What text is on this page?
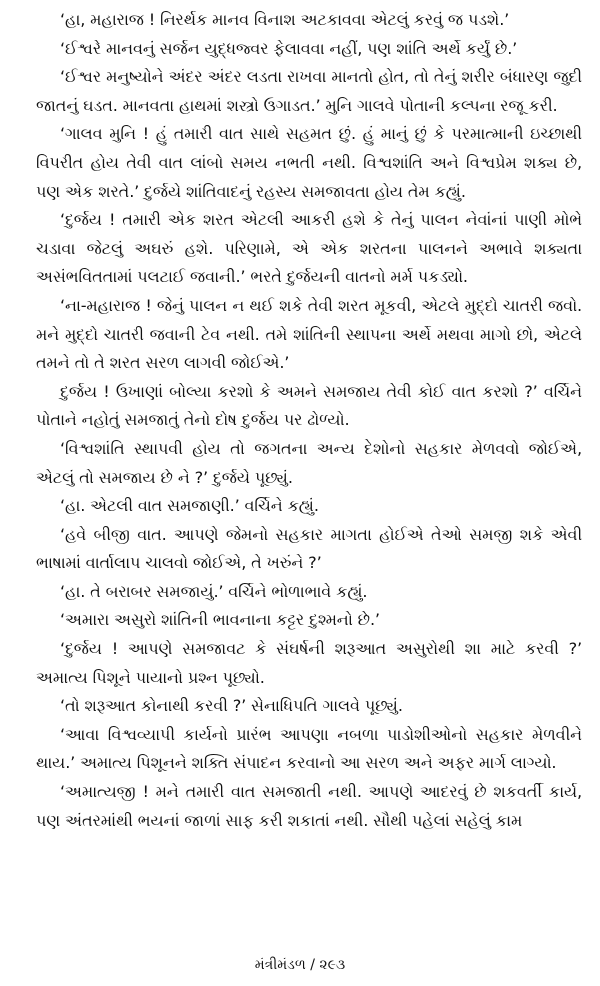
‘હા, મહારાજ ! નિરર્થક માનવ વિનાશ અટકાવવા એટલું કરવું જ પડશે.’

‘ઈશ્વરે માનવનું સર્જન યુદ્ધજ્વર ફેલાવવા નહીં, પણ શાંતિ અર્થે કર્યું છે.’

‘ઈશ્વર મનુષ્યોને અંદર અંદર લડતા રાખવા માનતો હોત, તો તેનું શરીર બંધારણ જુદી જાતનું ઘડત. માનવતા હાથમાં શસ્ત્રો ઉગાડત.’ મુનિ ગાલવે પોતાની કલ્પના રજૂ કરી.

‘ગાલવ મુનિ ! હું તમારી વાત સાથે સહમત છું. હું માનું છું કે પરમાત્માની ઇચ્છાથી વિપરીત હોય તેવી વાત લાંબો સમય નભતી નથી. વિશ્વશાંતિ અને વિશ્વપ્રેમ શક્ય છે, પણ એક શરતે.’ દુર્જયે શાંતિવાદનું રહસ્ય સમજાવતા હોય તેમ કહ્યું.

‘દુર્જય ! તમારી એક શરત એટલી આકરી હશે કે તેનું પાલન નેવાંનાં પાણી મોભે ચડાવા જેટલું અઘરું હશે. પરિણામે, એ એક શરતના પાલનને અભાવે શક્યતા અસંભવિતતામાં પલટાઈ જવાની.’ ભરતે દુર્જયની વાતનો મર્મ પકડ્યો.

‘ના-મહારાજ ! જેનું પાલન ન થઈ શકે તેવી શરત મૂકવી, એટલે મુદ્દો ચાતરી જવો. મને મુદ્દો ચાતરી જવાની ટેવ નથી. તમે શાંતિની સ્થાપના અર્થે મથવા માગો છો, એટલે તમને તો તે શરત સરળ લાગવી જોઈએ.’

દુર્જય ! ઉખાણાં બોલ્યા કરશો કે અમને સમજાય તેવી કોઈ વાત કરશો ?’ વર્ચિને પોતાને નહોતું સમજાતું તેનો દોષ દુર્જય પર ઢોળ્યો.

‘વિશ્વશાંતિ સ્થાપવી હોય તો જગતના અન્ય દેશોનો સહકાર મેળવવો જોઈએ, એટલું તો સમજાય છે ને ?’ દુર્જયે પૂછ્યું.

‘હા. એટલી વાત સમજાણી.’ વર્ચિને કહ્યું.

‘હવે બીજી વાત. આપણે જેમનો સહકાર માગતા હોઈએ તેઓ સમજી શકે એવી ભાષામાં વાર્તાલાપ ચાલવો જોઈએ, તે ખરુંને ?’

‘હા. તે બરાબર સમજાયું.’ વર્ચિને ભોળાભાવે કહ્યું.

‘અમારા અસુરો શાંતિની ભાવનાના કટ્ટર દુશ્મનો છે.’

‘દુર્જય ! આપણે સમજાવટ કે સંઘર્ષની શરૂઆત અસુરોથી શા માટે કરવી ?’ અમાત્ય પિશૂને પાયાનો પ્રશ્ન પૂછ્યો.

‘તો શરૂઆત કોનાથી કરવી ?’ સેનાધિપતિ ગાલવે પૂછ્યું.

‘આવા વિશ્વવ્યાપી કાર્યનો પ્રારંભ આપણા નબળા પાડોશીઓનો સહકાર મેળવીને થાય.’ અમાત્ય પિશૂનને શક્તિ સંપાદન કરવાનો આ સરળ અને અફર માર્ગ લાગ્યો.

‘અમાત્યજી ! મને તમારી વાત સમજાતી નથી. આપણે આદરવું છે શકવર્તી કાર્ય, પણ અંતરમાંથી ભયનાં જાળાં સાફ કરી શકાતાં નથી. સૌથી પહેલાં સહેલું કામ

મંત્રીમંડળ / ૨૯૩
